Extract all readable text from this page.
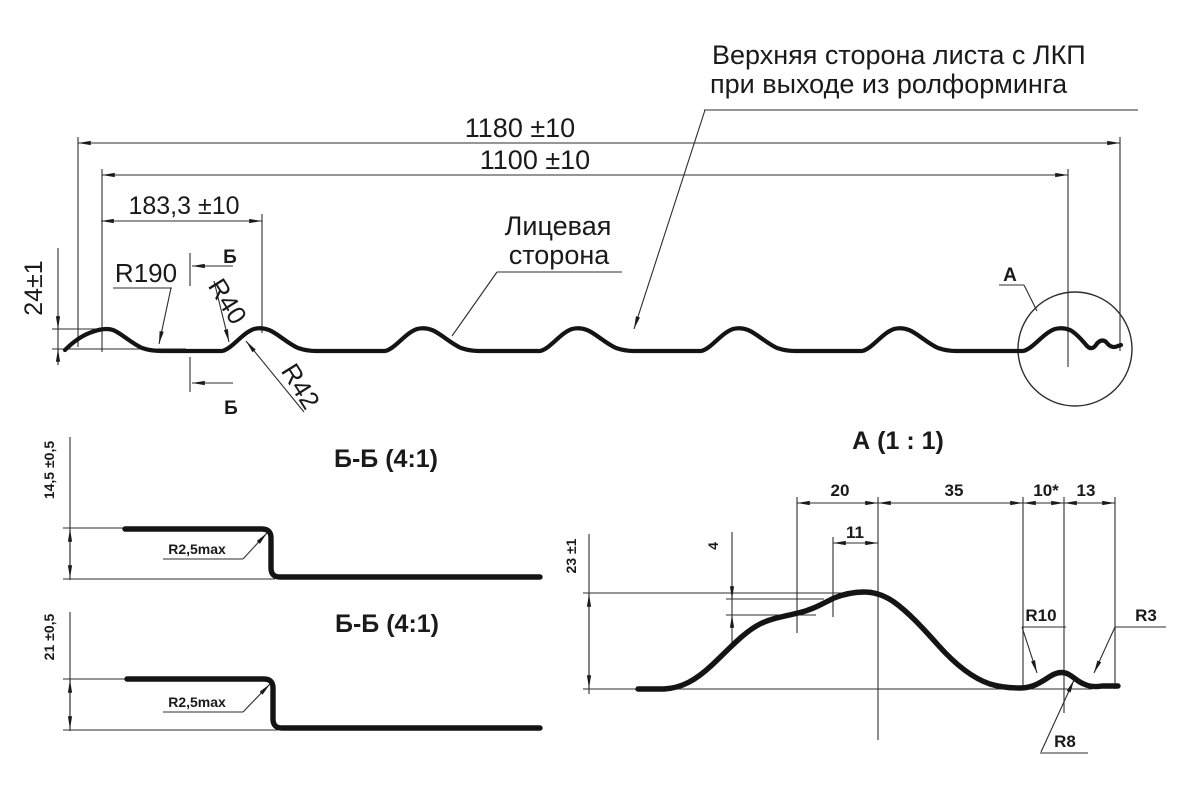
Верхняя сторона листа с ЛКП
при выходе из ролформинга
1180 ±10
1100 ±10
183,3 ±10
24±1	R190
R40
R42
Б
Б
Лицевая
сторона
А
Б-Б (4:1)
14,5 ±0,5
R2,5max
Б-Б (4:1)
21 ±0,5
R2,5max
А (1 : 1)
20	35	10* 13
11
23 ±1	4
R10	R3
R8
